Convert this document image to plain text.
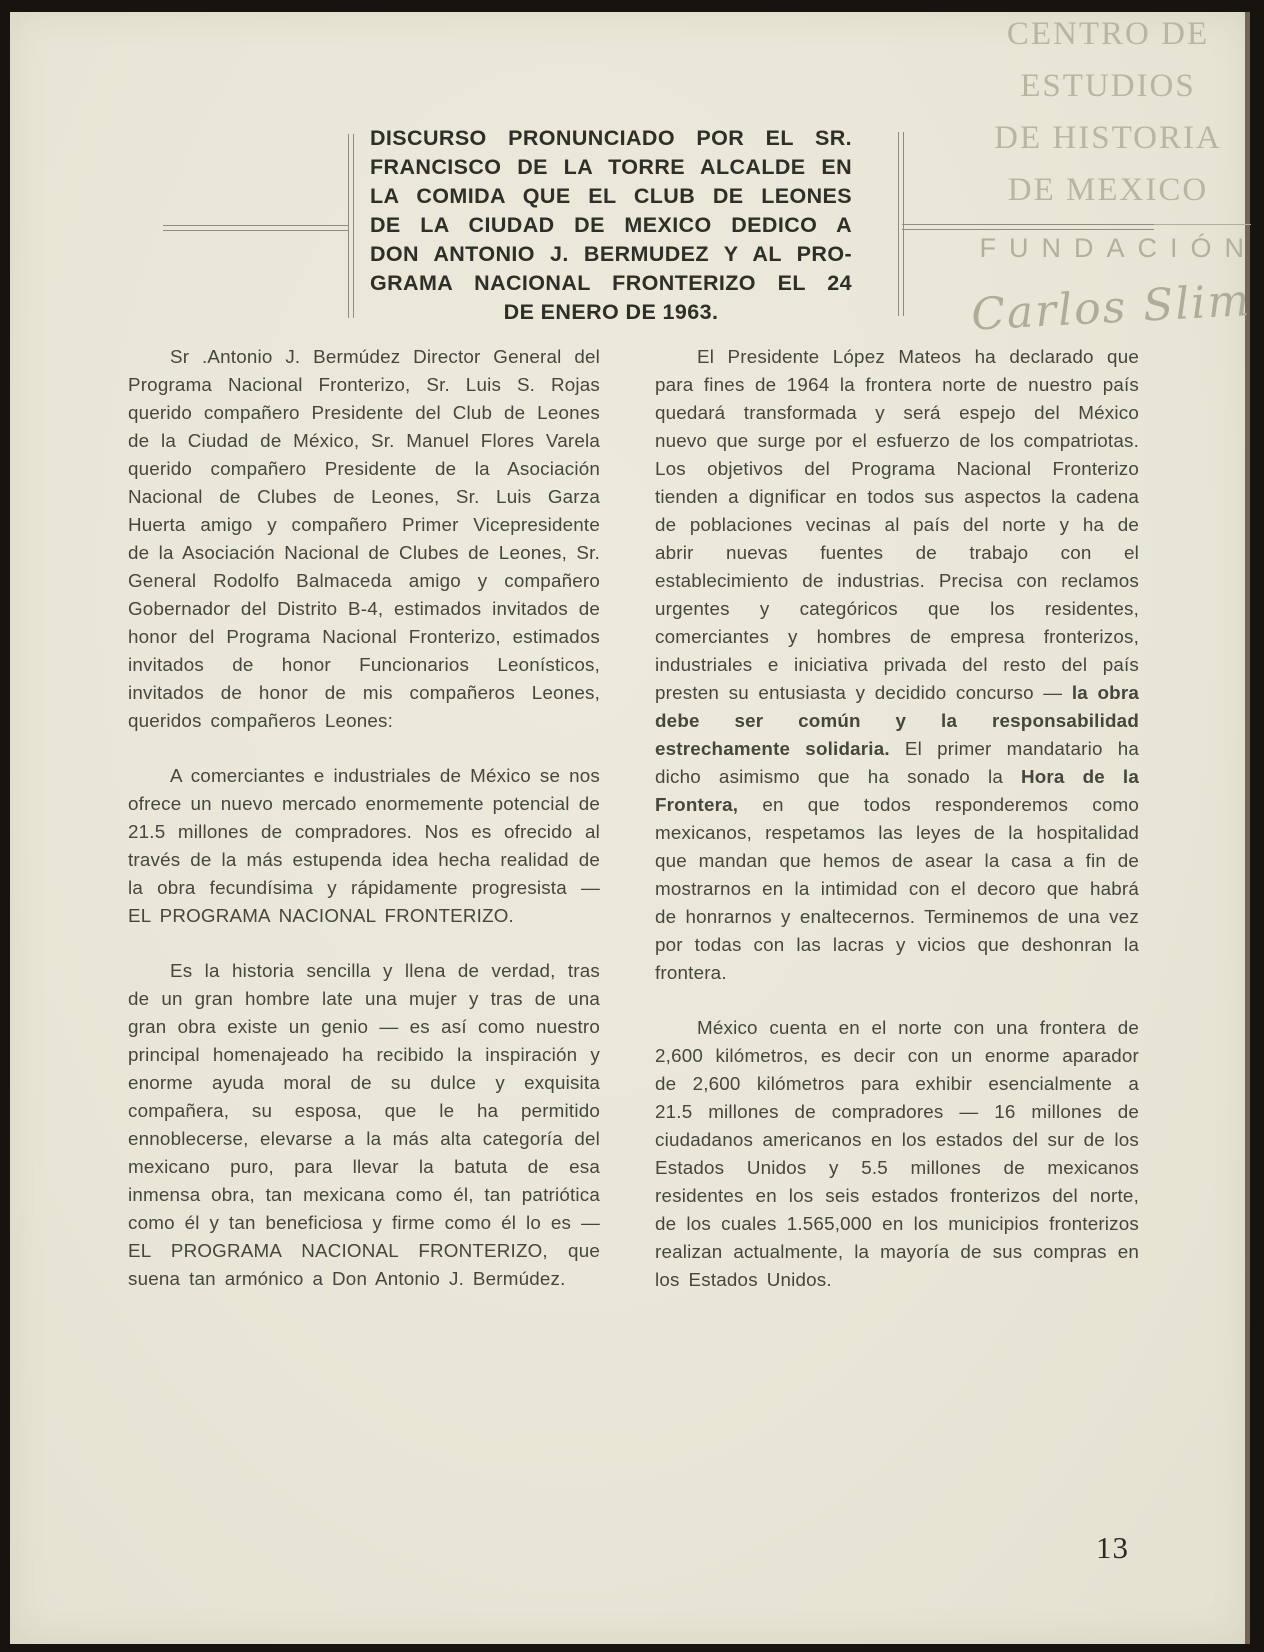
CENTRO DE
ESTUDIOS
DE HISTORIA
DE MEXICO
FUNDACIÓN
Carlos Slim
DISCURSO PRONUNCIADO POR EL SR.
FRANCISCO DE LA TORRE ALCALDE EN
LA COMIDA QUE EL CLUB DE LEONES
DE LA CIUDAD DE MEXICO DEDICO A
DON ANTONIO J. BERMUDEZ Y AL PRO-
GRAMA NACIONAL FRONTERIZO EL 24
DE ENERO DE 1963.

Sr .Antonio J. Bermúdez Director General del Programa Nacional Fronterizo, Sr. Luis S. Rojas querido compañero Presidente del Club de Leones de la Ciudad de México, Sr. Manuel Flores Varela querido compañero Presidente de la Asociación Nacional de Clubes de Leones, Sr. Luis Garza Huerta amigo y compañero Primer Vicepresidente de la Asociación Nacional de Clubes de Leones, Sr. General Rodolfo Balmaceda amigo y compañero Gobernador del Distrito B-4, estimados invitados de honor del Programa Nacional Fronterizo, estimados invitados de honor Funcionarios Leonísticos, invitados de honor de mis compañeros Leones, queridos compañeros Leones:

A comerciantes e industriales de México se nos ofrece un nuevo mercado enormemente potencial de 21.5 millones de compradores. Nos es ofrecido al través de la más estupenda idea hecha realidad de la obra fecundísima y rápidamente progresista — EL PROGRAMA NACIONAL FRONTERIZO.

Es la historia sencilla y llena de verdad, tras de un gran hombre late una mujer y tras de una gran obra existe un genio — es así como nuestro principal homenajeado ha recibido la inspiración y enorme ayuda moral de su dulce y exquisita compañera, su esposa, que le ha permitido ennoblecerse, elevarse a la más alta categoría del mexicano puro, para llevar la batuta de esa inmensa obra, tan mexicana como él, tan patriótica como él y tan beneficiosa y firme como él lo es — EL PROGRAMA NACIONAL FRONTERIZO, que suena tan armónico a Don Antonio J. Bermúdez.

El Presidente López Mateos ha declarado que para fines de 1964 la frontera norte de nuestro país quedará transformada y será espejo del México nuevo que surge por el esfuerzo de los compatriotas. Los objetivos del Programa Nacional Fronterizo tienden a dignificar en todos sus aspectos la cadena de poblaciones vecinas al país del norte y ha de abrir nuevas fuentes de trabajo con el establecimiento de industrias. Precisa con reclamos urgentes y categóricos que los residentes, comerciantes y hombres de empresa fronterizos, industriales e iniciativa privada del resto del país presten su entusiasta y decidido concurso — la obra debe ser común y la responsabilidad estrechamente solidaria. El primer mandatario ha dicho asimismo que ha sonado la Hora de la Frontera, en que todos responderemos como mexicanos, respetamos las leyes de la hospitalidad que mandan que hemos de asear la casa a fin de mostrarnos en la intimidad con el decoro que habrá de honrarnos y enaltecernos. Terminemos de una vez por todas con las lacras y vicios que deshonran la frontera.

México cuenta en el norte con una frontera de 2,600 kilómetros, es decir con un enorme aparador de 2,600 kilómetros para exhibir esencialmente a 21.5 millones de compradores — 16 millones de ciudadanos americanos en los estados del sur de los Estados Unidos y 5.5 millones de mexicanos residentes en los seis estados fronterizos del norte, de los cuales 1.565,000 en los municipios fronterizos realizan actualmente, la mayoría de sus compras en los Estados Unidos.

13
